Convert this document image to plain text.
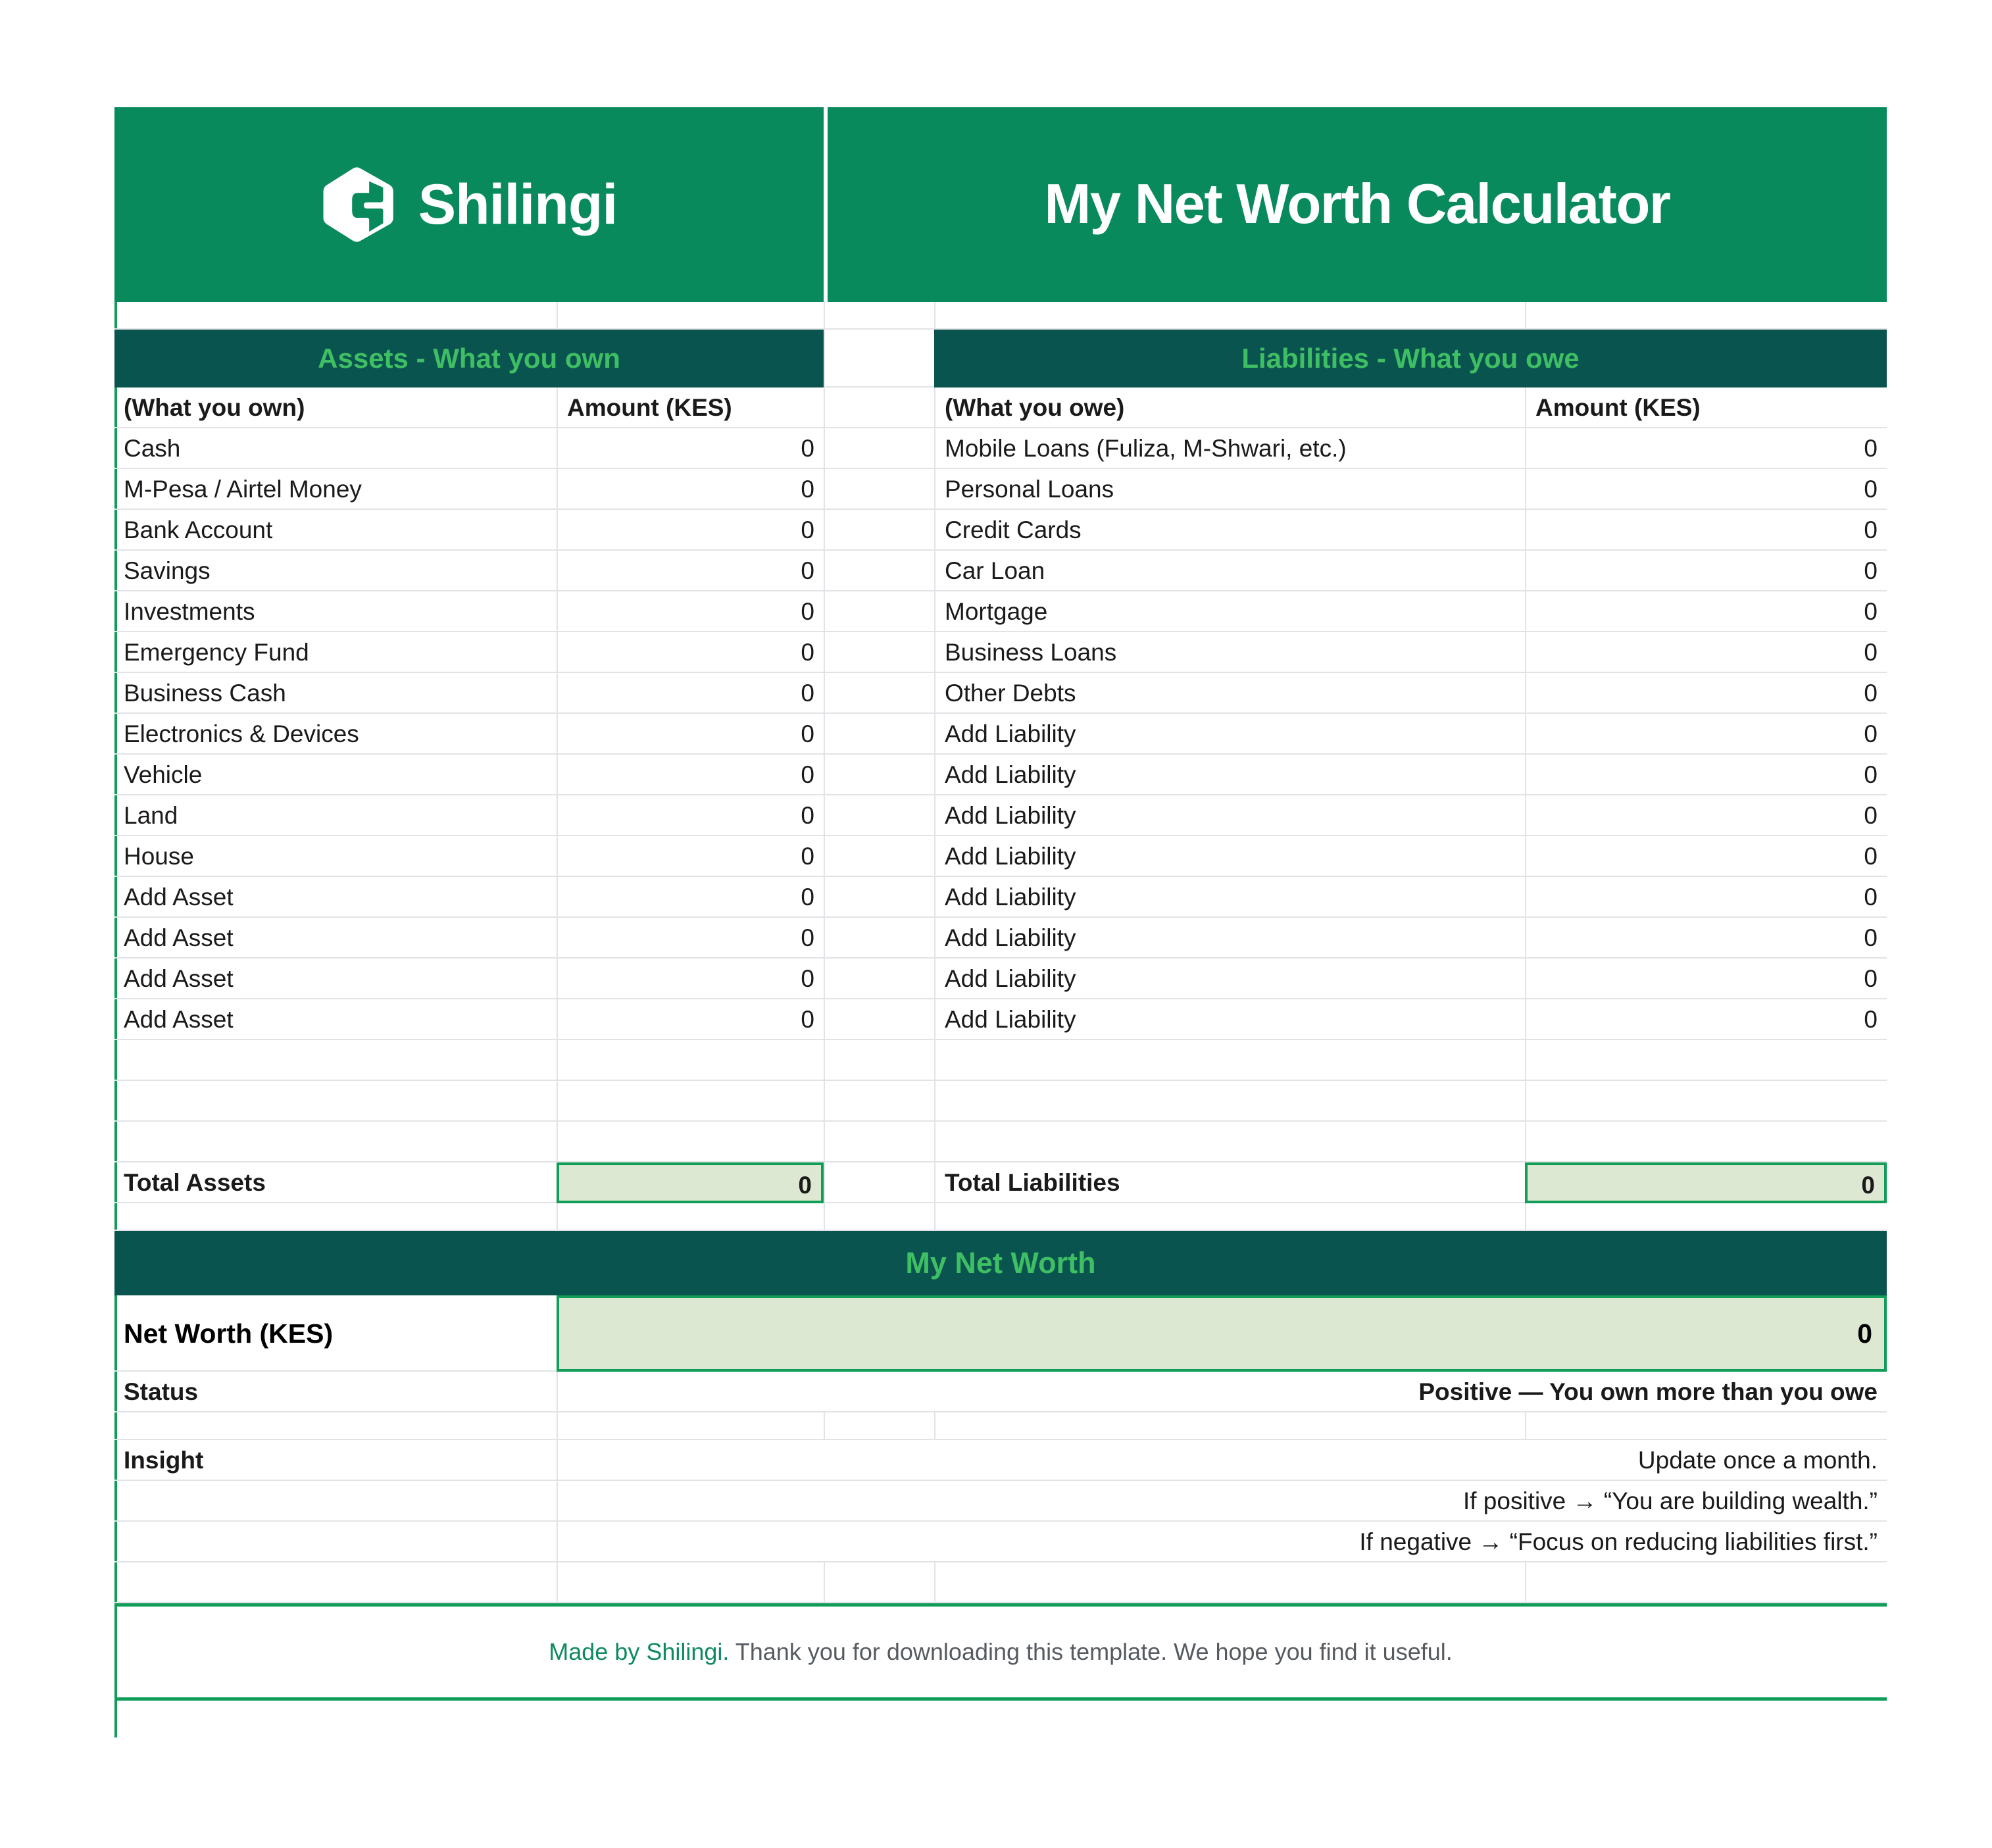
Shilingi	My Net Worth Calculator
Assets - What you own	Liabilities - What you owe
(What you own)	Amount (KES)	(What you owe)	Amount (KES)
Cash	0	Mobile Loans (Fuliza, M-Shwari, etc.)	0
M-Pesa / Airtel Money	0	Personal Loans	0
Bank Account	0	Credit Cards	0
Savings	0	Car Loan	0
Investments	0	Mortgage	0
Emergency Fund	0	Business Loans	0
Business Cash	0	Other Debts	0
Electronics & Devices	0	Add Liability	0
Vehicle	0	Add Liability	0
Land	0	Add Liability	0
House	0	Add Liability	0
Add Asset	0	Add Liability	0
Add Asset	0	Add Liability	0
Add Asset	0	Add Liability	0
Add Asset	0	Add Liability	0
Total Assets	0	Total Liabilities	0
My Net Worth
Net Worth (KES)	0
Status	Positive — You own more than you owe
Insight	Update once a month.
If positive → “You are building wealth.”
If negative → “Focus on reducing liabilities first.”
Made by Shilingi. Thank you for downloading this template. We hope you find it useful.
